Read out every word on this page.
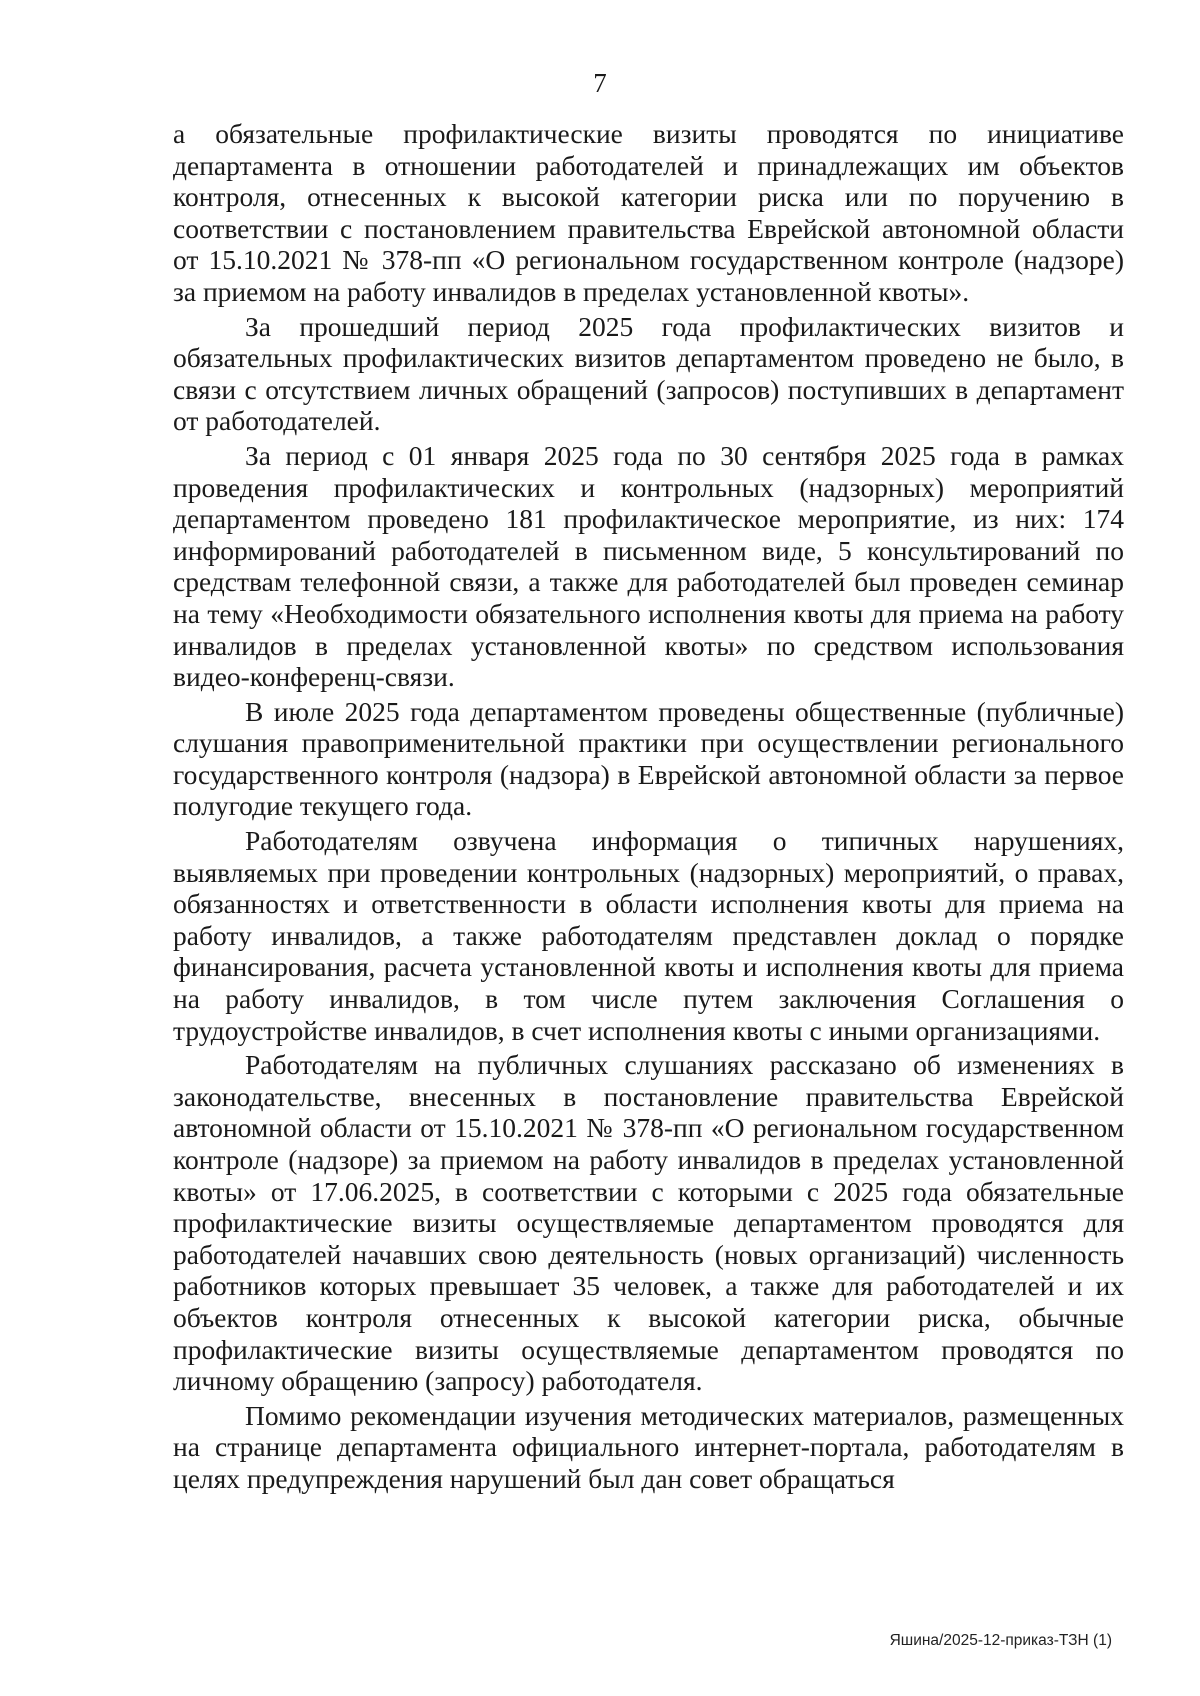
7

а обязательные профилактические визиты проводятся по инициативе департамента в отношении работодателей и принадлежащих им объектов контроля, отнесенных к высокой категории риска или по поручению в соответствии с постановлением правительства Еврейской автономной области от 15.10.2021 № 378-пп «О региональном государственном контроле (надзоре) за приемом на работу инвалидов в пределах установленной квоты».

За прошедший период 2025 года профилактических визитов и обязательных профилактических визитов департаментом проведено не было, в связи с отсутствием личных обращений (запросов) поступивших в департамент от работодателей.

За период с 01 января 2025 года по 30 сентября 2025 года в рамках проведения профилактических и контрольных (надзорных) мероприятий департаментом проведено 181 профилактическое мероприятие, из них: 174 информирований работодателей в письменном виде, 5 консультирований по средствам телефонной связи, а также для работодателей был проведен семинар на тему «Необходимости обязательного исполнения квоты для приема на работу инвалидов в пределах установленной квоты» по средством использования видео-конференц-связи.

В июле 2025 года департаментом проведены общественные (публичные) слушания правоприменительной практики при осуществлении регионального государственного контроля (надзора) в Еврейской автономной области за первое полугодие текущего года.

Работодателям озвучена информация о типичных нарушениях, выявляемых при проведении контрольных (надзорных) мероприятий, о правах, обязанностях и ответственности в области исполнения квоты для приема на работу инвалидов, а также работодателям представлен доклад о порядке финансирования, расчета установленной квоты и исполнения квоты для приема на работу инвалидов, в том числе путем заключения Соглашения о трудоустройстве инвалидов, в счет исполнения квоты с иными организациями.

Работодателям на публичных слушаниях рассказано об изменениях в законодательстве, внесенных в постановление правительства Еврейской автономной области от 15.10.2021 № 378-пп «О региональном государственном контроле (надзоре) за приемом на работу инвалидов в пределах установленной квоты» от 17.06.2025, в соответствии с которыми с 2025 года обязательные профилактические визиты осуществляемые департаментом проводятся для работодателей начавших свою деятельность (новых организаций) численность работников которых превышает 35 человек, а также для работодателей и их объектов контроля отнесенных к высокой категории риска, обычные профилактические визиты осуществляемые департаментом проводятся по личному обращению (запросу) работодателя.

Помимо рекомендации изучения методических материалов, размещенных на странице департамента официального интернет-портала, работодателям в целях предупреждения нарушений был дан совет обращаться

Яшина/2025-12-приказ-ТЗН (1)
